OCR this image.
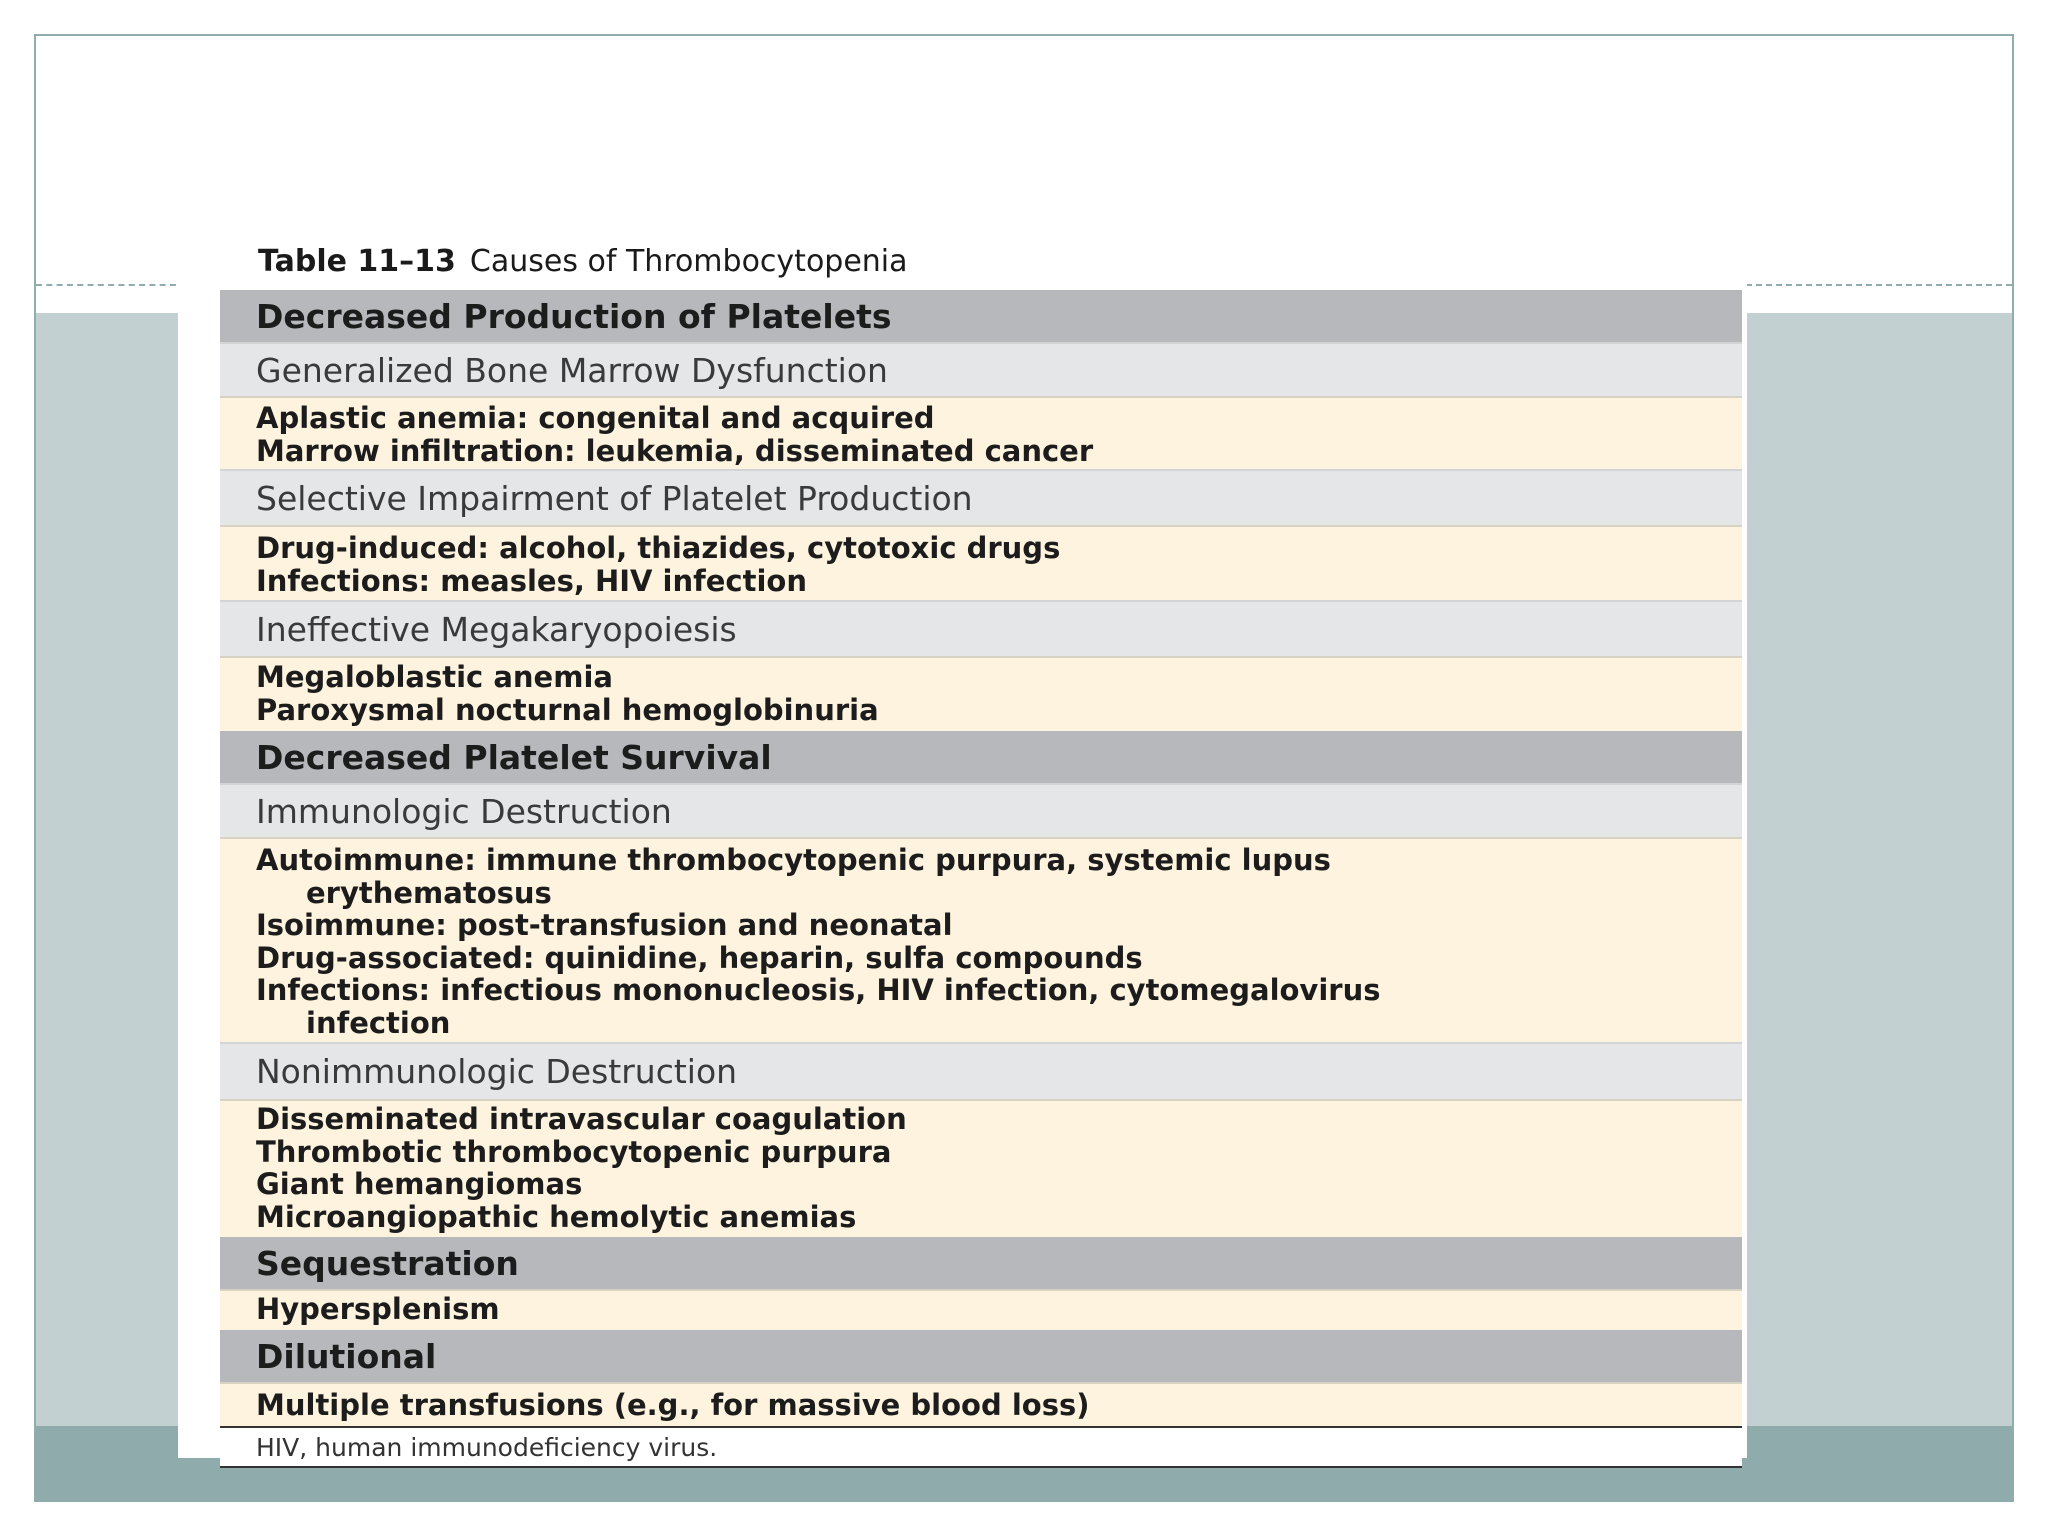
Table 11–13 Causes of Thrombocytopenia
Decreased Production of Platelets
Generalized Bone Marrow Dysfunction
Aplastic anemia: congenital and acquired
Marrow infiltration: leukemia, disseminated cancer
Selective Impairment of Platelet Production
Drug-induced: alcohol, thiazides, cytotoxic drugs
Infections: measles, HIV infection
Ineffective Megakaryopoiesis
Megaloblastic anemia
Paroxysmal nocturnal hemoglobinuria
Decreased Platelet Survival
Immunologic Destruction
Autoimmune: immune thrombocytopenic purpura, systemic lupus
erythematosus
Isoimmune: post-transfusion and neonatal
Drug-associated: quinidine, heparin, sulfa compounds
Infections: infectious mononucleosis, HIV infection, cytomegalovirus
infection
Nonimmunologic Destruction
Disseminated intravascular coagulation
Thrombotic thrombocytopenic purpura
Giant hemangiomas
Microangiopathic hemolytic anemias
Sequestration
Hypersplenism
Dilutional
Multiple transfusions (e.g., for massive blood loss)
HIV, human immunodeficiency virus.
